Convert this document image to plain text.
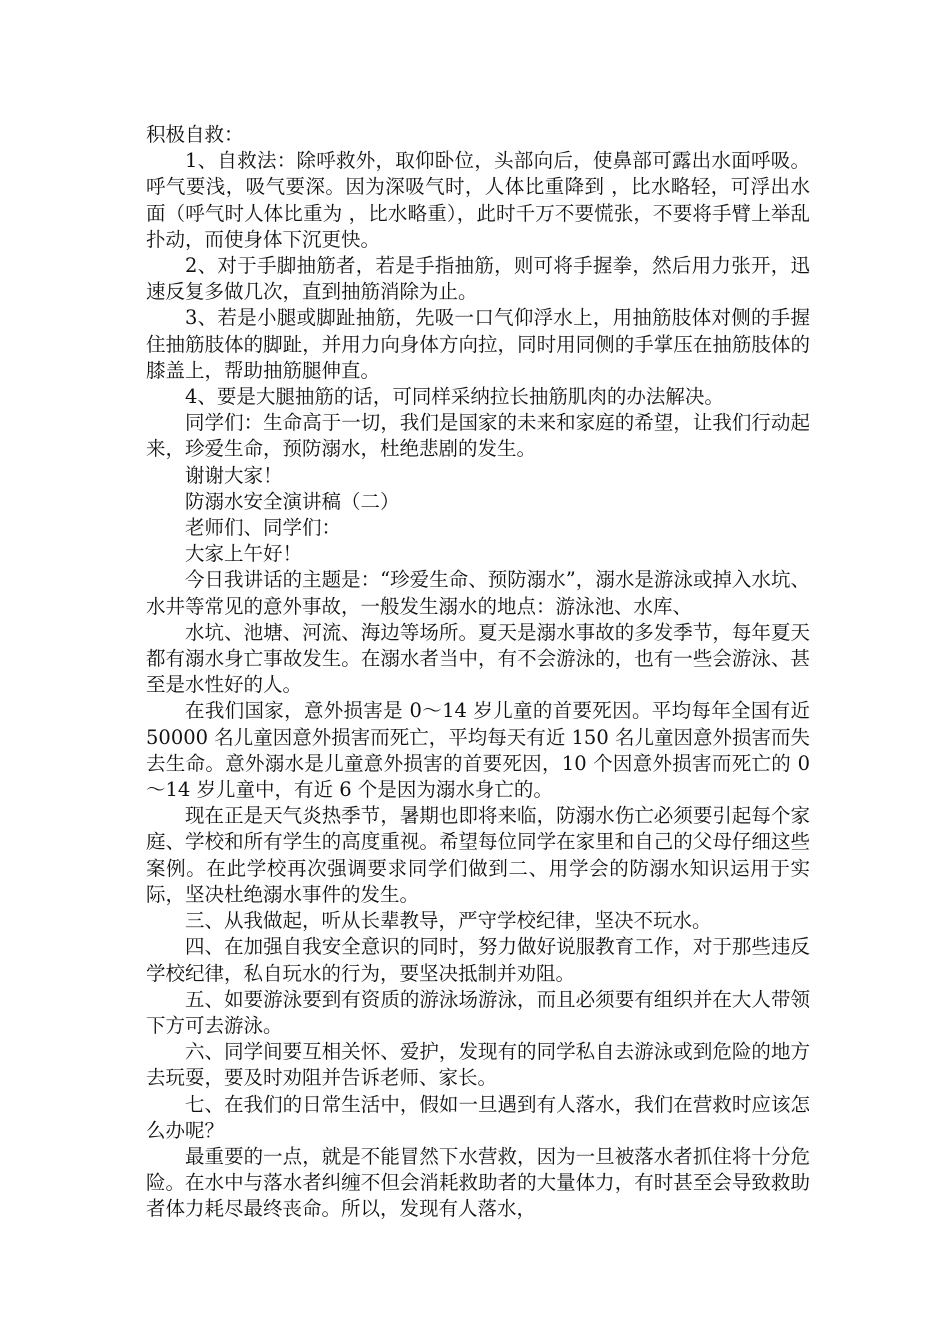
积极自救：

1、自救法：除呼救外，取仰卧位，头部向后，使鼻部可露出水面呼吸。呼气要浅，吸气要深。因为深吸气时，人体比重降到 ，比水略轻，可浮出水面（呼气时人体比重为 ，比水略重），此时千万不要慌张，不要将手臂上举乱扑动，而使身体下沉更快。

2、对于手脚抽筋者，若是手指抽筋，则可将手握拳，然后用力张开，迅速反复多做几次，直到抽筋消除为止。

3、若是小腿或脚趾抽筋，先吸一口气仰浮水上，用抽筋肢体对侧的手握住抽筋肢体的脚趾，并用力向身体方向拉，同时用同侧的手掌压在抽筋肢体的膝盖上，帮助抽筋腿伸直。

4、要是大腿抽筋的话，可同样采纳拉长抽筋肌肉的办法解决。

同学们：生命高于一切，我们是国家的未来和家庭的希望，让我们行动起来，珍爱生命，预防溺水，杜绝悲剧的发生。

谢谢大家！

防溺水安全演讲稿（二）

老师们、同学们：

大家上午好！

今日我讲话的主题是：“珍爱生命、预防溺水”，溺水是游泳或掉入水坑、水井等常见的意外事故，一般发生溺水的地点：游泳池、水库、

水坑、池塘、河流、海边等场所。夏天是溺水事故的多发季节，每年夏天都有溺水身亡事故发生。在溺水者当中，有不会游泳的，也有一些会游泳、甚至是水性好的人。

在我们国家，意外损害是 0～14 岁儿童的首要死因。平均每年全国有近 50000 名儿童因意外损害而死亡，平均每天有近 150 名儿童因意外损害而失去生命。意外溺水是儿童意外损害的首要死因，10 个因意外损害而死亡的 0～14 岁儿童中，有近 6 个是因为溺水身亡的。

现在正是天气炎热季节，暑期也即将来临，防溺水伤亡必须要引起每个家庭、学校和所有学生的高度重视。希望每位同学在家里和自己的父母仔细这些案例。在此学校再次强调要求同学们做到二、用学会的防溺水知识运用于实际，坚决杜绝溺水事件的发生。

三、从我做起，听从长辈教导，严守学校纪律，坚决不玩水。

四、在加强自我安全意识的同时，努力做好说服教育工作，对于那些违反学校纪律，私自玩水的行为，要坚决抵制并劝阻。

五、如要游泳要到有资质的游泳场游泳，而且必须要有组织并在大人带领下方可去游泳。

六、同学间要互相关怀、爱护，发现有的同学私自去游泳或到危险的地方去玩耍，要及时劝阻并告诉老师、家长。

七、在我们的日常生活中，假如一旦遇到有人落水，我们在营救时应该怎么办呢？

最重要的一点，就是不能冒然下水营救，因为一旦被落水者抓住将十分危险。在水中与落水者纠缠不但会消耗救助者的大量体力，有时甚至会导致救助者体力耗尽最终丧命。所以，发现有人落水，
